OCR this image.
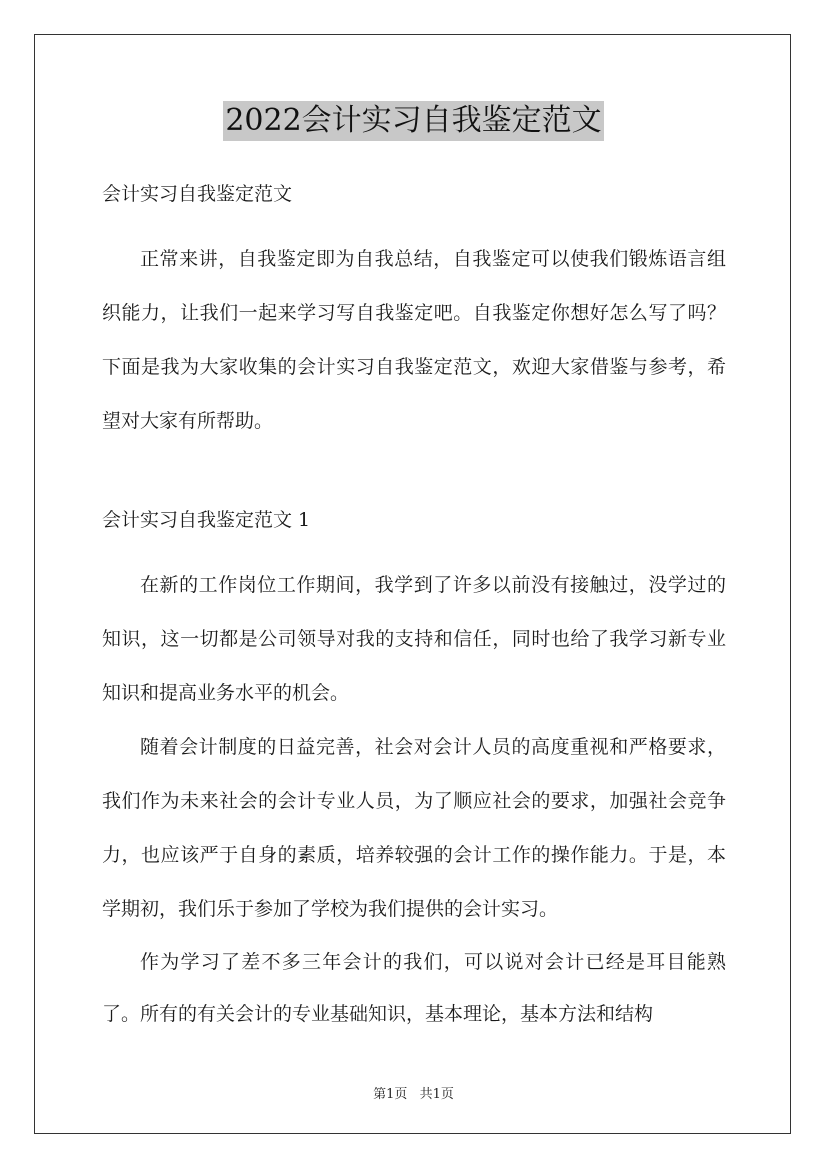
2022会计实习自我鉴定范文
会计实习自我鉴定范文

正常来讲，自我鉴定即为自我总结，自我鉴定可以使我们锻炼语言组织能力，让我们一起来学习写自我鉴定吧。自我鉴定你想好怎么写了吗？下面是我为大家收集的会计实习自我鉴定范文，欢迎大家借鉴与参考，希望对大家有所帮助。

会计实习自我鉴定范文 1

在新的工作岗位工作期间，我学到了许多以前没有接触过，没学过的知识，这一切都是公司领导对我的支持和信任，同时也给了我学习新专业知识和提高业务水平的机会。

随着会计制度的日益完善，社会对会计人员的高度重视和严格要求，我们作为未来社会的会计专业人员，为了顺应社会的要求，加强社会竞争力，也应该严于自身的素质，培养较强的会计工作的操作能力。于是，本学期初，我们乐于参加了学校为我们提供的会计实习。

作为学习了差不多三年会计的我们，可以说对会计已经是耳目能熟了。所有的有关会计的专业基础知识，基本理论，基本方法和结构

第1页 共1页
